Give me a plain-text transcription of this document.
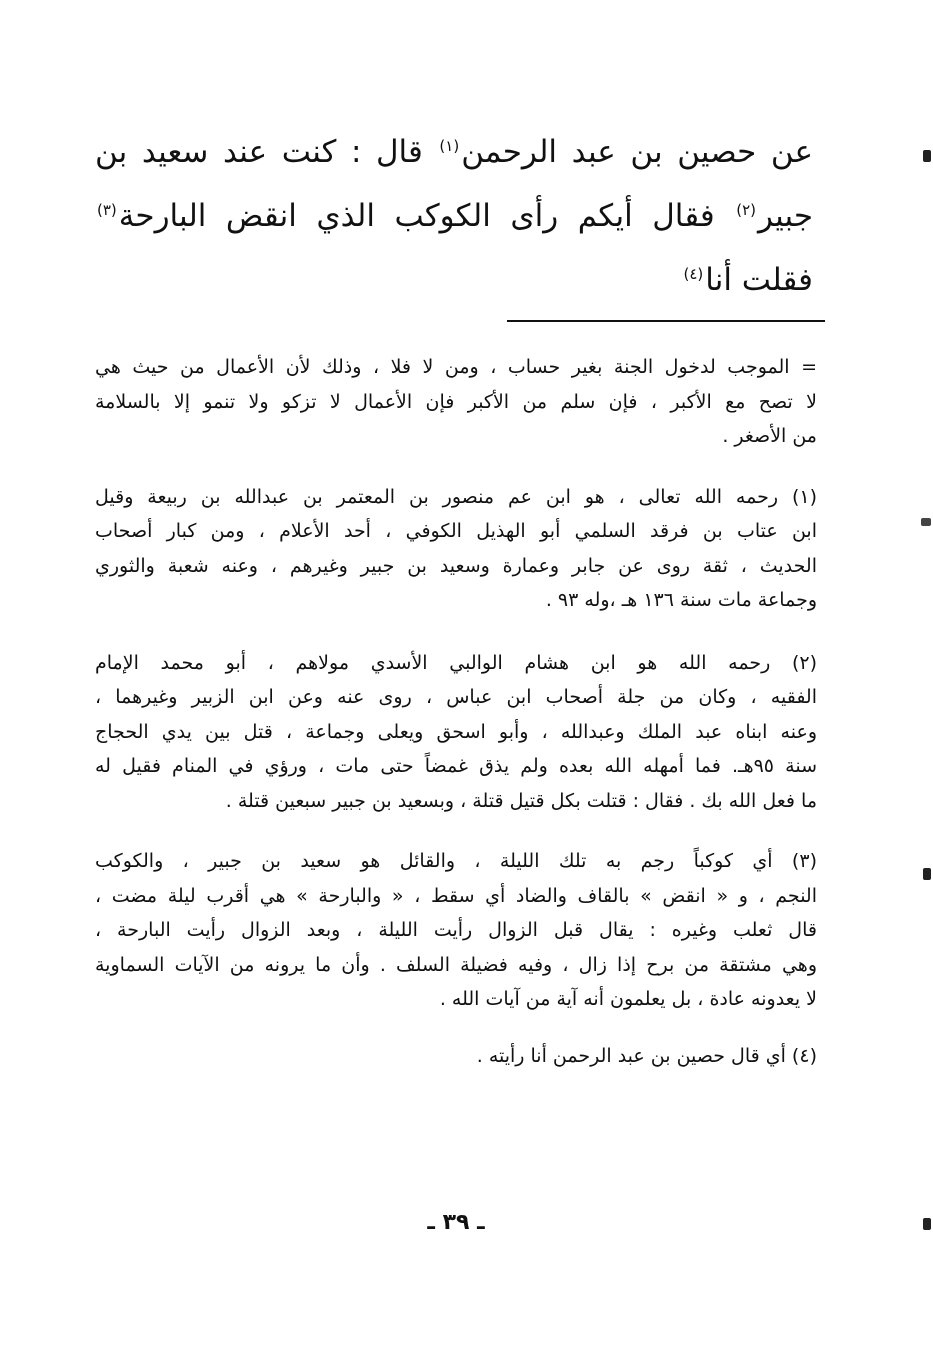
عن حصين بن عبد الرحمن$^{(١)}$ قال : كنت عند سعيد بن
جبير$^{(٢)}$ فقال أيكم رأى الكوكب الذي انقض البارحة$^{(٣)}$
فقلت أنا$^{(٤)}$
= الموجب لدخول الجنة بغير حساب ، ومن لا فلا ، وذلك لأن الأعمال من حيث هي
لا تصح مع الأكبر ، فإن سلم من الأكبر فإن الأعمال لا تزكو ولا تنمو إلا بالسلامة
من الأصغر .
(١) رحمه الله تعالى ، هو ابن عم منصور بن المعتمر بن عبدالله بن ربيعة وقيل
ابن عتاب بن فرقد السلمي أبو الهذيل الكوفي ، أحد الأعلام ، ومن كبار أصحاب
الحديث ، ثقة روى عن جابر وعمارة وسعيد بن جبير وغيرهم ، وعنه شعبة والثوري
وجماعة مات سنة ١٣٦ هـ ،وله ٩٣ .
(٢) رحمه الله هو ابن هشام الوالبي الأسدي مولاهم ، أبو محمد الإمام
الفقيه ، وكان من جلة أصحاب ابن عباس ، روى عنه وعن ابن الزبير وغيرهما ،
وعنه ابناه عبد الملك وعبدالله ، وأبو اسحق ويعلى وجماعة ، قتل بين يدي الحجاج
سنة ٩٥هـ. فما أمهله الله بعده ولم يذق غمضاً حتى مات ، ورؤي في المنام فقيل له
ما فعل الله بك . فقال : قتلت بكل قتيل قتلة ، وبسعيد بن جبير سبعين قتلة .
(٣) أي كوكباً رجم به تلك الليلة ، والقائل هو سعيد بن جبير ، والكوكب
النجم ، و « انقض » بالقاف والضاد أي سقط ، « والبارحة » هي أقرب ليلة مضت ،
قال ثعلب وغيره : يقال قبل الزوال رأيت الليلة ، وبعد الزوال رأيت البارحة ،
وهي مشتقة من برح إذا زال ، وفيه فضيلة السلف . وأن ما يرونه من الآيات السماوية
لا يعدونه عادة ، بل يعلمون أنه آية من آيات الله .
(٤) أي قال حصين بن عبد الرحمن أنا رأيته .
ـ ٣٩ ـ
